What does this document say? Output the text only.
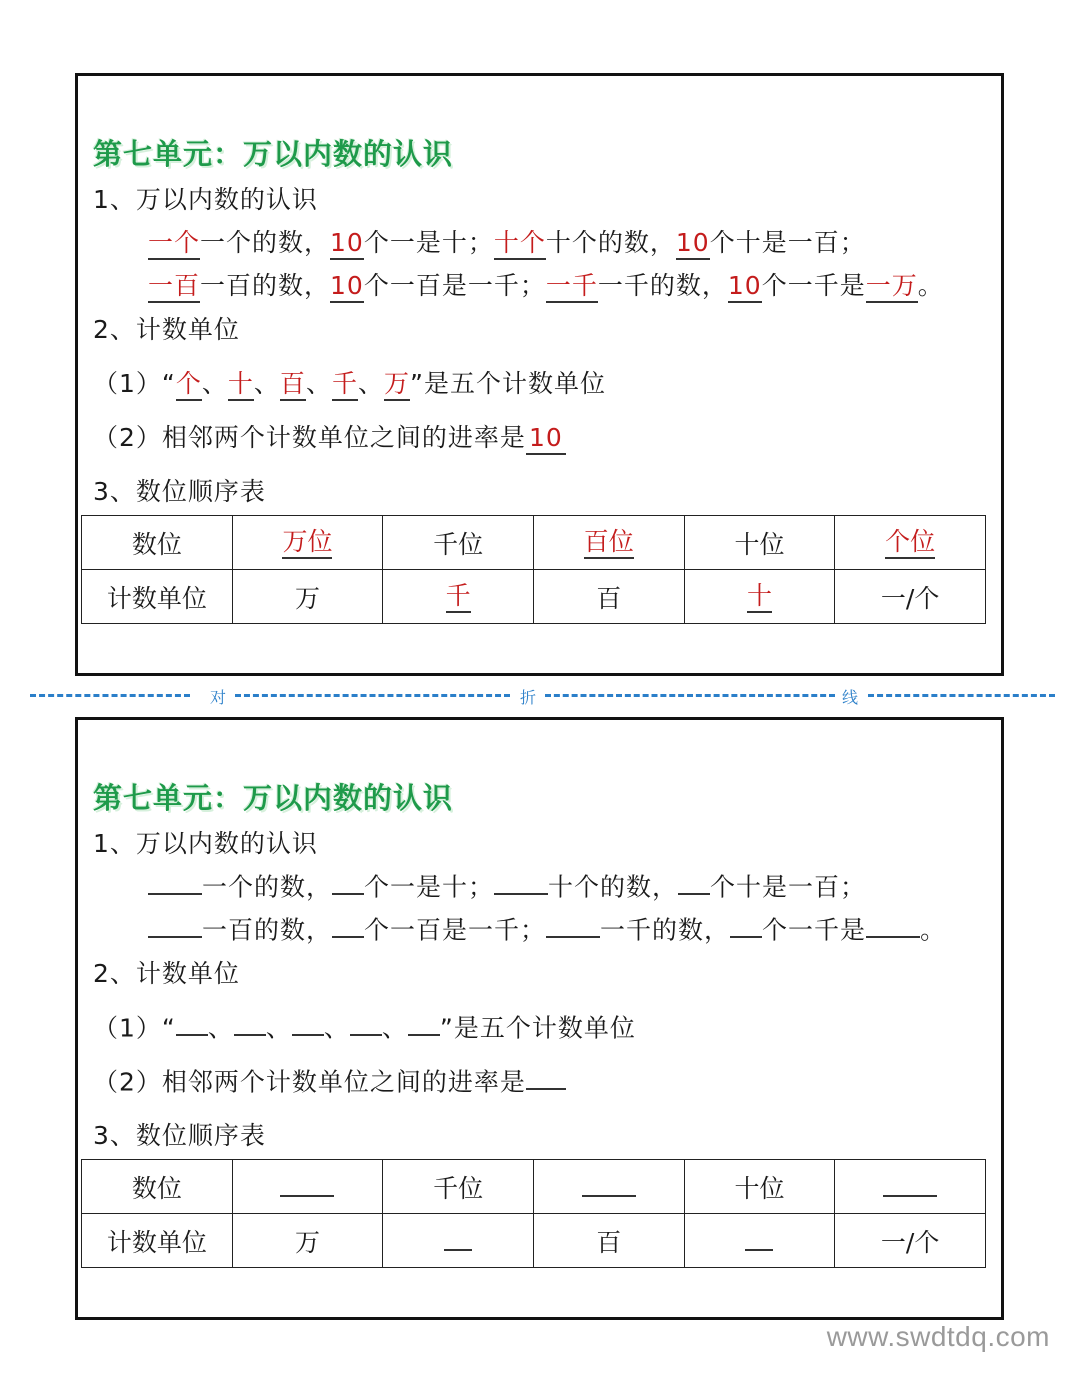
第七单元：万以内数的认识
1、万以内数的认识
一个一个的数，10个一是十；十个十个的数，10个十是一百；
一百一百的数，10个一百是一千；一千一千的数，10个一千是一万。
2、计数单位
（1）“个、十、百、千、万”是五个计数单位
（2）相邻两个计数单位之间的进率是 10
3、数位顺序表
数位	万位	千位	百位	十位	个位
计数单位	万	千	百	十	一/个
对	折	线
第七单元：万以内数的认识
1、万以内数的认识
一个的数， 个一是十； 十个的数， 个十是一百；
一百的数， 个一百是一千； 一千的数， 个一千是 。
2、计数单位
（1）“ 、 、 、 、 ”是五个计数单位
（2）相邻两个计数单位之间的进率是
3、数位顺序表
数位		千位		十位	
计数单位	万		百		一/个
www.swdtdq.com
